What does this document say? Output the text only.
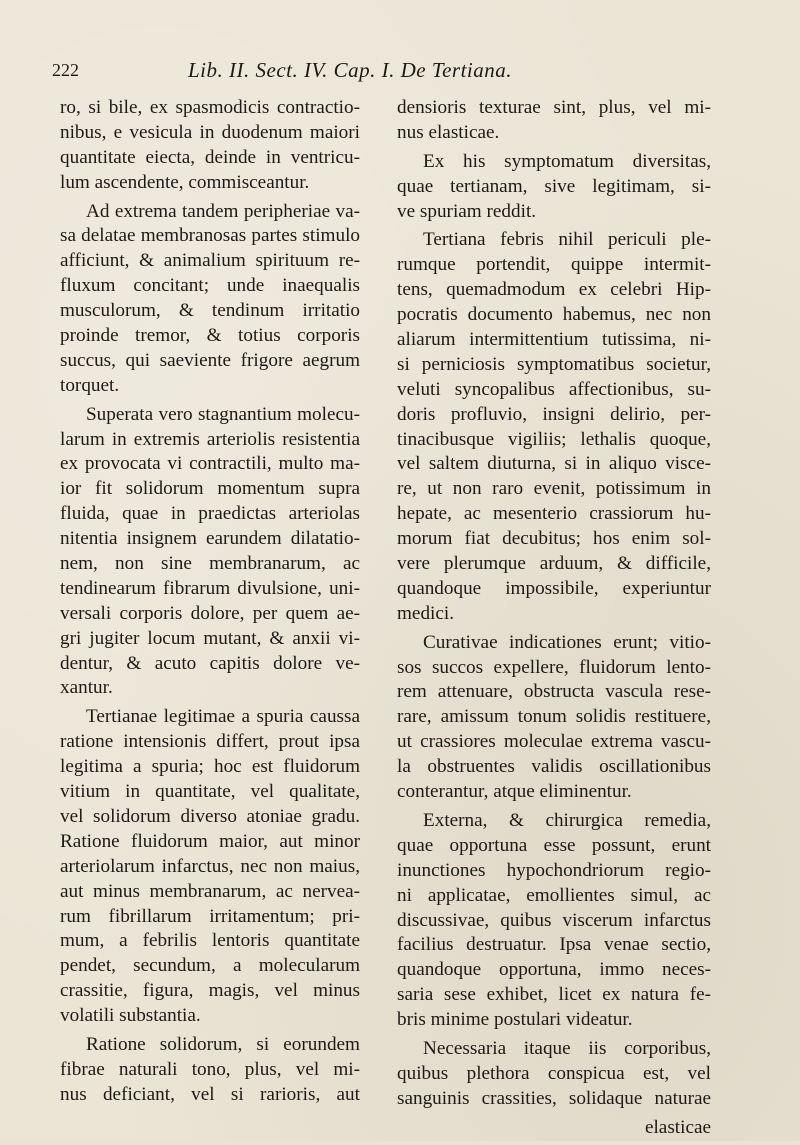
222	Lib. II. Sect. IV. Cap. I. De Tertiana.
ro, si bile, ex spasmodicis contractio-
nibus, e vesicula in duodenum maiori
quantitate eiecta, deinde in ventricu-
lum ascendente, commisceantur.
Ad extrema tandem peripheriae va-
sa delatae membranosas partes stimulo
afficiunt, & animalium spirituum re-
fluxum concitant; unde inaequalis
musculorum, & tendinum irritatio
proinde tremor, & totius corporis
succus, qui saeviente frigore aegrum
torquet.
Superata vero stagnantium molecu-
larum in extremis arteriolis resistentia
ex provocata vi contractili, multo ma-
ior fit solidorum momentum supra
fluida, quae in praedictas arteriolas
nitentia insignem earundem dilatatio-
nem, non sine membranarum, ac
tendinearum fibrarum divulsione, uni-
versali corporis dolore, per quem ae-
gri jugiter locum mutant, & anxii vi-
dentur, & acuto capitis dolore ve-
xantur.
Tertianae legitimae a spuria caussa
ratione intensionis differt, prout ipsa
legitima a spuria; hoc est fluidorum
vitium in quantitate, vel qualitate,
vel solidorum diverso atoniae gradu.
Ratione fluidorum maior, aut minor
arteriolarum infarctus, nec non maius,
aut minus membranarum, ac nervea-
rum fibrillarum irritamentum; pri-
mum, a febrilis lentoris quantitate
pendet, secundum, a molecularum
crassitie, figura, magis, vel minus
volatili substantia.
Ratione solidorum, si eorundem
fibrae naturali tono, plus, vel mi-
nus deficiant, vel si rarioris, aut
densioris texturae sint, plus, vel mi-
nus elasticae.
Ex his symptomatum diversitas,
quae tertianam, sive legitimam, si-
ve spuriam reddit.
Tertiana febris nihil periculi ple-
rumque portendit, quippe intermit-
tens, quemadmodum ex celebri Hip-
pocratis documento habemus, nec non
aliarum intermittentium tutissima, ni-
si perniciosis symptomatibus societur,
veluti syncopalibus affectionibus, su-
doris profluvio, insigni delirio, per-
tinacibusque vigiliis; lethalis quoque,
vel saltem diuturna, si in aliquo visce-
re, ut non raro evenit, potissimum in
hepate, ac mesenterio crassiorum hu-
morum fiat decubitus; hos enim sol-
vere plerumque arduum, & difficile,
quandoque impossibile, experiuntur
medici.
Curativae indicationes erunt; vitio-
sos succos expellere, fluidorum lento-
rem attenuare, obstructa vascula rese-
rare, amissum tonum solidis restituere,
ut crassiores moleculae extrema vascu-
la obstruentes validis oscillationibus
conterantur, atque eliminentur.
Externa, & chirurgica remedia,
quae opportuna esse possunt, erunt
inunctiones hypochondriorum regio-
ni applicatae, emollientes simul, ac
discussivae, quibus viscerum infarctus
facilius destruatur. Ipsa venae sectio,
quandoque opportuna, immo neces-
saria sese exhibet, licet ex natura fe-
bris minime postulari videatur.
Necessaria itaque iis corporibus,
quibus plethora conspicua est, vel
sanguinis crassities, solidaque naturae
elasticae
